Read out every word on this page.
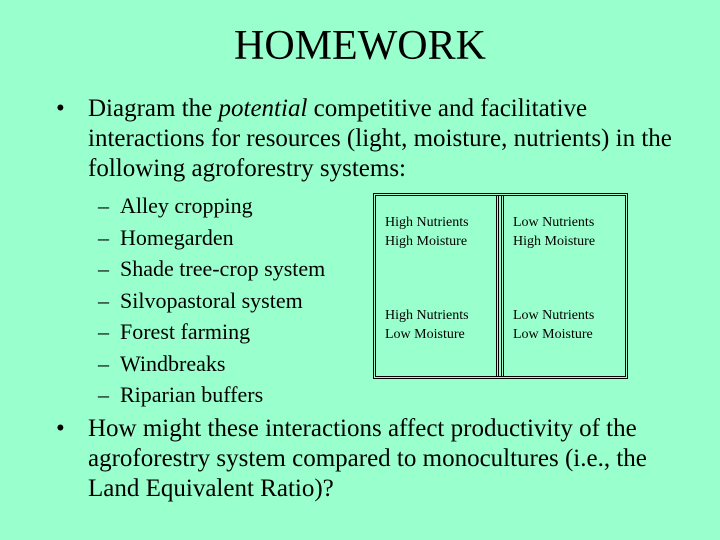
HOMEWORK
• Diagram the potential competitive and facilitative interactions for resources (light, moisture, nutrients) in the following agroforestry systems:
– Alley cropping
– Homegarden
– Shade tree-crop system
– Silvopastoral system
– Forest farming
– Windbreaks
– Riparian buffers
High Nutrients
High Moisture
Low Nutrients
High Moisture
High Nutrients
Low Moisture
Low Nutrients
Low Moisture
• How might these interactions affect productivity of the agroforestry system compared to monocultures (i.e., the Land Equivalent Ratio)?
